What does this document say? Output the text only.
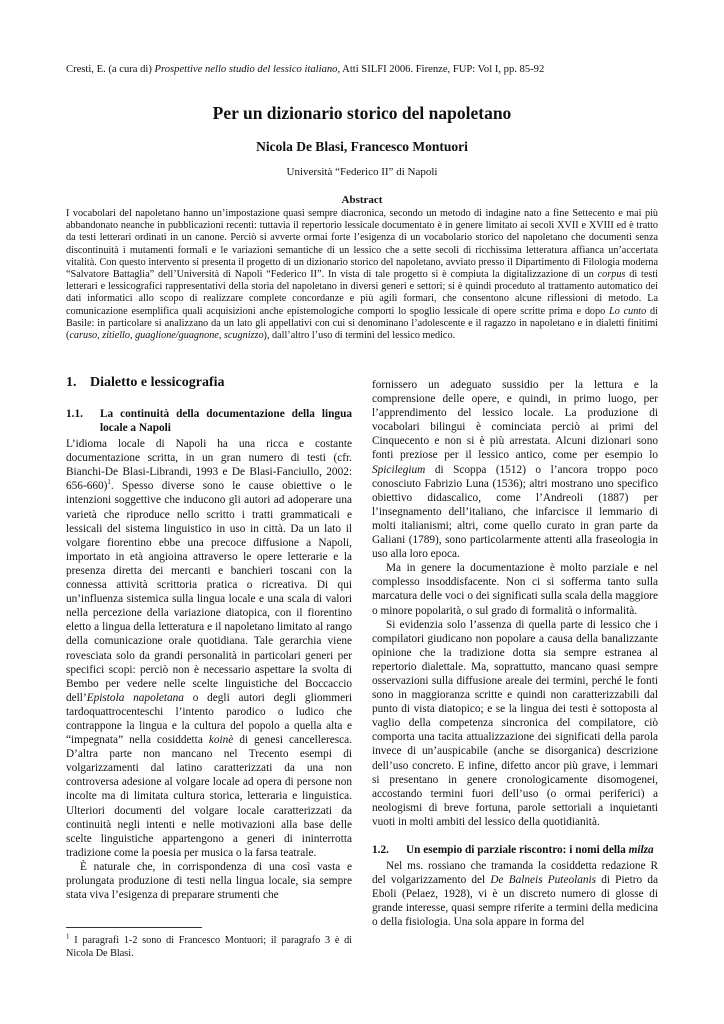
Cresti, E. (a cura di) Prospettive nello studio del lessico italiano, Atti SILFI 2006. Firenze, FUP: Vol I, pp. 85-92
Per un dizionario storico del napoletano
Nicola De Blasi, Francesco Montuori
Università “Federico II” di Napoli
Abstract
I vocabolari del napoletano hanno un’impostazione quasi sempre diacronica, secondo un metodo di indagine nato a fine Settecento e mai più abbandonato neanche in pubblicazioni recenti: tuttavia il repertorio lessicale documentato è in genere limitato ai secoli XVII e XVIII ed è tratto da testi letterari ordinati in un canone. Perciò si avverte ormai forte l’esigenza di un vocabolario storico del napoletano che documenti senza discontinuità i mutamenti formali e le variazioni semantiche di un lessico che a sette secoli di ricchissima letteratura affianca un’accertata vitalità. Con questo intervento si presenta il progetto di un dizionario storico del napoletano, avviato presso il Dipartimento di Filologia moderna “Salvatore Battaglia” dell’Università di Napoli “Federico II”. In vista di tale progetto si è compiuta la digitalizzazione di un corpus di testi letterari e lessicografici rappresentativi della storia del napoletano in diversi generi e settori; si è quindi proceduto al trattamento automatico dei dati informatici allo scopo di realizzare complete concordanze e più agili formari, che consentono alcune riflessioni di metodo. La comunicazione esemplifica quali acquisizioni anche epistemologiche comporti lo spoglio lessicale di opere scritte prima e dopo Lo cunto di Basile: in particolare si analizzano da un lato gli appellativi con cui si denominano l’adolescente e il ragazzo in napoletano e in dialetti finitimi (caruso, zitiello, guaglione/guagnone, scugnizzo), dall’altro l’uso di termini del lessico medico.
1. Dialetto e lessicografia
1.1.	La continuità della documentazione della lingua locale a Napoli

L’idioma locale di Napoli ha una ricca e costante documentazione scritta, in un gran numero di testi (cfr. Bianchi-De Blasi-Librandi, 1993 e De Blasi-Fanciullo, 2002: 656-660)$^1$. Spesso diverse sono le cause obiettive o le intenzioni soggettive che inducono gli autori ad adoperare una varietà che riproduce nello scritto i tratti grammaticali e lessicali del sistema linguistico in uso in città. Da un lato il volgare fiorentino ebbe una precoce diffusione a Napoli, importato in età angioina attraverso le opere letterarie e la presenza diretta dei mercanti e banchieri toscani con la connessa attività scrittoria pratica o ricreativa. Di qui un’influenza sistemica sulla lingua locale e una scala di valori nella percezione della variazione diatopica, con il fiorentino eletto a lingua della letteratura e il napoletano limitato al rango della comunicazione orale quotidiana. Tale gerarchia viene rovesciata solo da grandi personalità in particolari generi per specifici scopi: perciò non è necessario aspettare la svolta di Bembo per vedere nelle scelte linguistiche del Boccaccio dell’Epistola napoletana o degli autori degli gliommeri tardoquattrocenteschi l’intento parodico o ludico che contrappone la lingua e la cultura del popolo a quella alta e “impegnata” nella cosiddetta koinè di genesi cancelleresca. D’altra parte non mancano nel Trecento esempi di volgarizzamenti dal latino caratterizzati da una non controversa adesione al volgare locale ad opera di persone non incolte ma di limitata cultura storica, letteraria e linguistica. Ulteriori documenti del volgare locale caratterizzati da continuità negli intenti e nelle motivazioni alla base delle scelte linguistiche appartengono a generi di ininterrotta tradizione come la poesia per musica o la farsa teatrale.

È naturale che, in corrispondenza di una così vasta e prolungata produzione di testi nella lingua locale, sia sempre stata viva l’esigenza di preparare strumenti che

fornissero un adeguato sussidio per la lettura e la comprensione delle opere, e quindi, in primo luogo, per l’apprendimento del lessico locale. La produzione di vocabolari bilingui è cominciata perciò ai primi del Cinquecento e non si è più arrestata. Alcuni dizionari sono fonti preziose per il lessico antico, come per esempio lo Spicilegium di Scoppa (1512) o l’ancora troppo poco conosciuto Fabrizio Luna (1536); altri mostrano uno specifico obiettivo didascalico, come l’Andreoli (1887) per l’insegnamento dell’italiano, che infarcisce il lemmario di molti italianismi; altri, come quello curato in gran parte da Galiani (1789), sono particolarmente attenti alla fraseologia in uso alla loro epoca.

Ma in genere la documentazione è molto parziale e nel complesso insoddisfacente. Non ci si sofferma tanto sulla marcatura delle voci o dei significati sulla scala della maggiore o minore popolarità, o sul grado di formalità o informalità.

Si evidenzia solo l’assenza di quella parte di lessico che i compilatori giudicano non popolare a causa della banalizzante opinione che la tradizione dotta sia sempre estranea al repertorio dialettale. Ma, soprattutto, mancano quasi sempre osservazioni sulla diffusione areale dei termini, perché le fonti sono in maggioranza scritte e quindi non caratterizzabili dal punto di vista diatopico; e se la lingua dei testi è sottoposta al vaglio della competenza sincronica del compilatore, ciò comporta una tacita attualizzazione dei significati della parola invece di un’auspicabile (anche se disorganica) descrizione dell’uso concreto. E infine, difetto ancor più grave, i lemmari si presentano in genere cronologicamente disomogenei, accostando termini fuori dell’uso (o ormai periferici) a neologismi di breve fortuna, parole settoriali a inquietanti vuoti in molti ambiti del lessico della quotidianità.

1.2.	Un esempio di parziale riscontro: i nomi della milza

Nel ms. rossiano che tramanda la cosiddetta redazione R del volgarizzamento del De Balneis Puteolanis di Pietro da Eboli (Pelaez, 1928), vi è un discreto numero di glosse di grande interesse, quasi sempre riferite a termini della medicina o della fisiologia. Una sola appare in forma del

$^1$ I paragrafi 1-2 sono di Francesco Montuori; il paragrafo 3 è di Nicola De Blasi.
